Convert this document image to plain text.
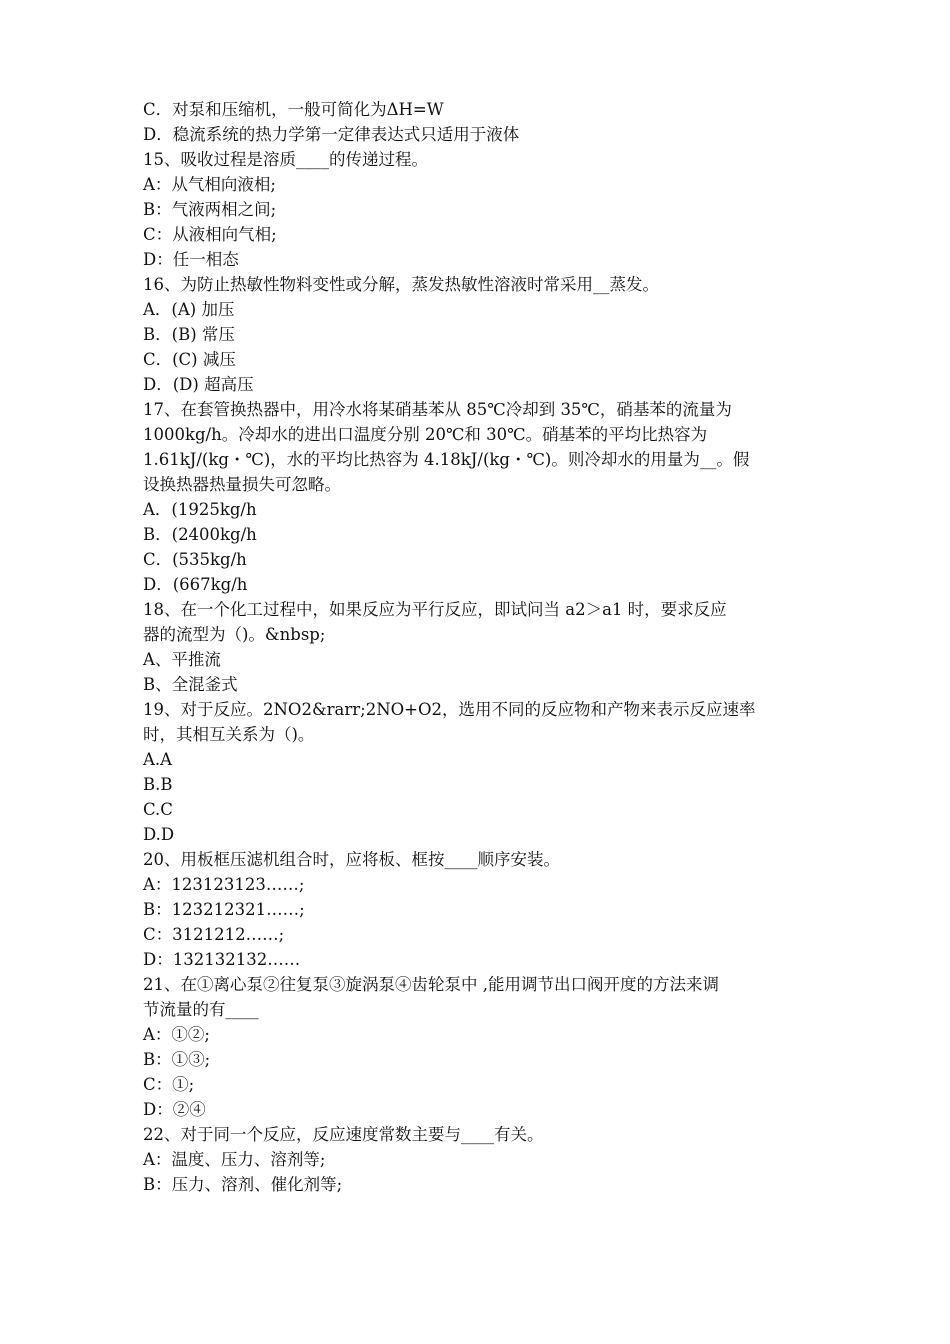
C．对泵和压缩机，一般可简化为ΔH=W
D．稳流系统的热力学第一定律表达式只适用于液体
15、吸收过程是溶质____的传递过程。
A：从气相向液相;
B：气液两相之间;
C：从液相向气相;
D：任一相态
16、为防止热敏性物料变性或分解，蒸发热敏性溶液时常采用__蒸发。
A．(A) 加压
B．(B) 常压
C．(C) 减压
D．(D) 超高压
17、在套管换热器中，用冷水将某硝基苯从 85℃冷却到 35℃，硝基苯的流量为
1000kg/h。冷却水的进出口温度分别 20℃和 30℃。硝基苯的平均比热容为
1.61kJ/(kg・℃)，水的平均比热容为 4.18kJ/(kg・℃)。则冷却水的用量为__。假
设换热器热量损失可忽略。
A．(1925kg/h
B．(2400kg/h
C．(535kg/h
D．(667kg/h
18、在一个化工过程中，如果反应为平行反应，即试问当 a2＞a1 时，要求反应
器的流型为（)。&nbsp;
A、平推流
B、全混釜式
19、对于反应。2NO2&rarr;2NO+O2，选用不同的反应物和产物来表示反应速率
时，其相互关系为（)。
A.A
B.B
C.C
D.D
20、用板框压滤机组合时，应将板、框按____顺序安装。
A：123123123……;
B：123212321……;
C：3121212……;
D：132132132……
21、在①离心泵②往复泵③旋涡泵④齿轮泵中 ,能用调节出口阀开度的方法来调
节流量的有____
A：①②;
B：①③;
C：①;
D：②④
22、对于同一个反应，反应速度常数主要与____有关。
A：温度、压力、溶剂等;
B：压力、溶剂、催化剂等;
